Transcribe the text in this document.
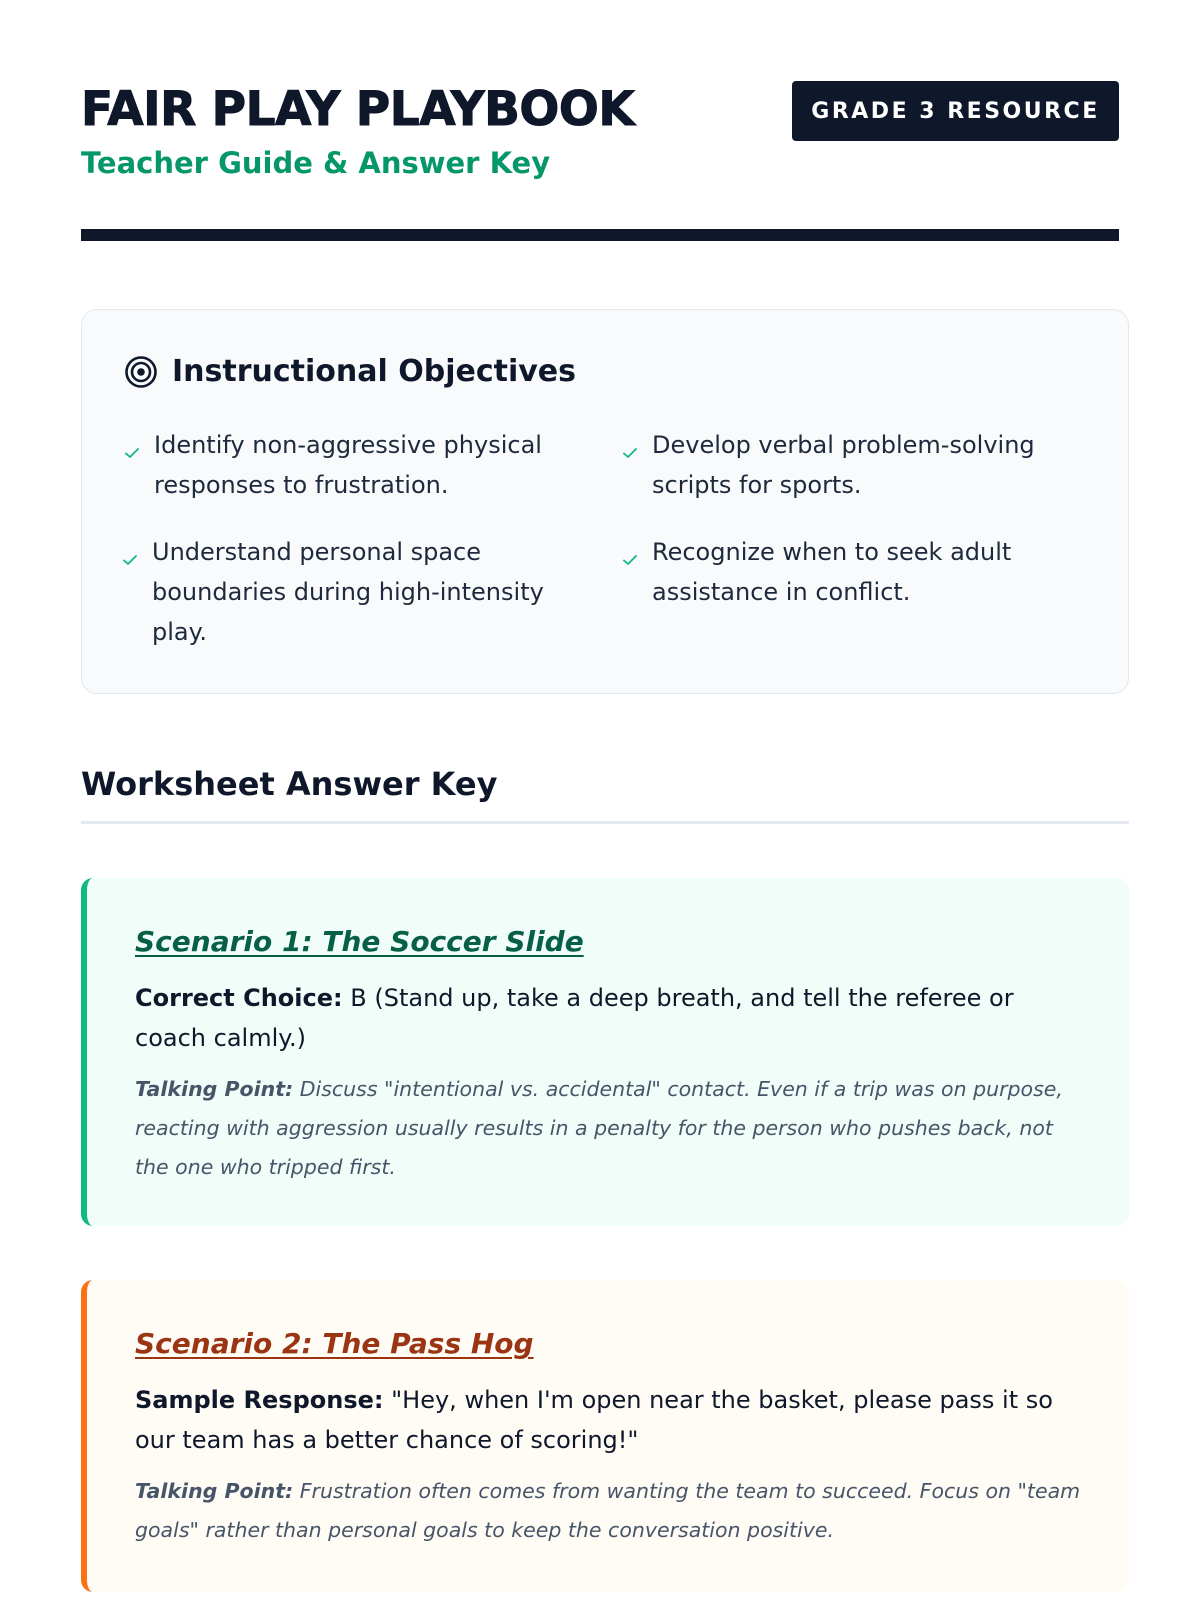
FAIR PLAY PLAYBOOK
Teacher Guide & Answer Key
GRADE 3 RESOURCE
Instructional Objectives
Identify non-aggressive physical responses to frustration.
Develop verbal problem-solving scripts for sports.
Understand personal space boundaries during high-intensity play.
Recognize when to seek adult assistance in conflict.
Worksheet Answer Key
Scenario 1: The Soccer Slide

Correct Choice: B (Stand up, take a deep breath, and tell the referee or coach calmly.)

Talking Point: Discuss "intentional vs. accidental" contact. Even if a trip was on purpose, reacting with aggression usually results in a penalty for the person who pushes back, not the one who tripped first.

Scenario 2: The Pass Hog

Sample Response: "Hey, when I'm open near the basket, please pass it so our team has a better chance of scoring!"

Talking Point: Frustration often comes from wanting the team to succeed. Focus on "team goals" rather than personal goals to keep the conversation positive.
